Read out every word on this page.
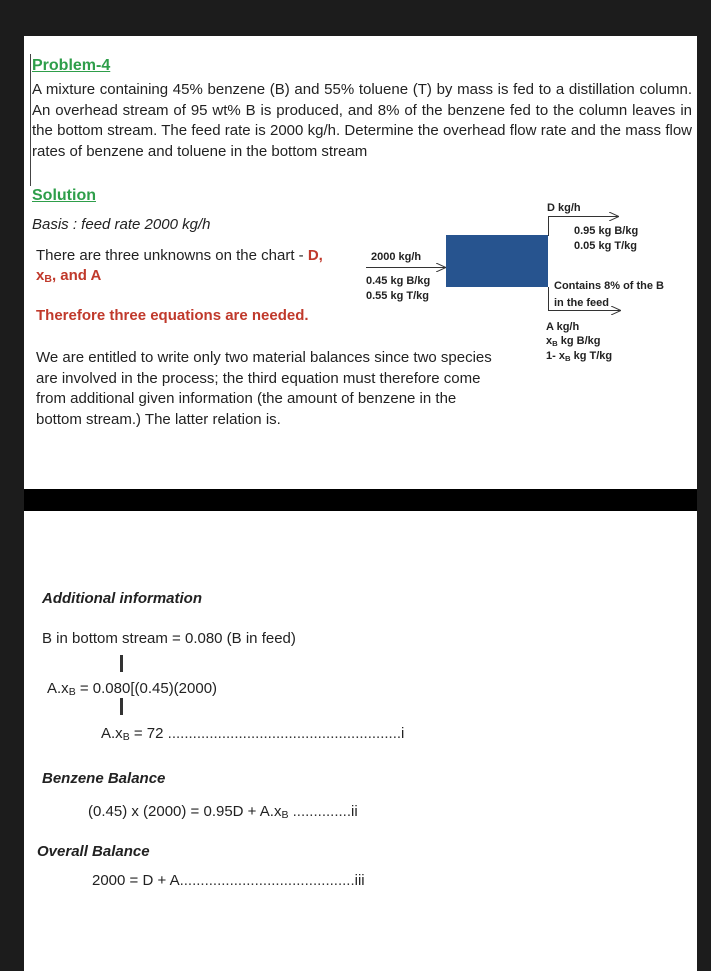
Problem-4
A mixture containing 45% benzene (B) and 55% toluene (T) by mass is fed to a distillation column. An overhead stream of 95 wt% B is produced, and 8% of the benzene fed to the column leaves in the bottom stream. The feed rate is 2000 kg/h. Determine the overhead flow rate and the mass flow rates of benzene and toluene in the bottom stream
Solution
Basis : feed rate 2000 kg/h
There are three unknowns on the chart - D,
$x_B$, and A
Therefore three equations are needed.
We are entitled to write only two material balances since two species are involved in the process; the third equation must therefore come from additional given information (the amount of benzene in the bottom stream.) The latter relation is.
2000 kg/h
0.45 kg B/kg
0.55 kg T/kg
D kg/h
0.95 kg B/kg
0.05 kg T/kg
Contains 8% of the B
in the feed
A kg/h
$x_B$ kg B/kg
1- $x_B$ kg T/kg
Additional information
B in bottom stream = 0.080 (B in feed)
$A.x_B = 0.080[(0.45)(2000)$
$A.x_B = 72$ ........................................................i
Benzene Balance
(0.45) x $(2000) = 0.95D + A.x_B$ ..............ii
Overall Balance
2000 = D + A..........................................iii
